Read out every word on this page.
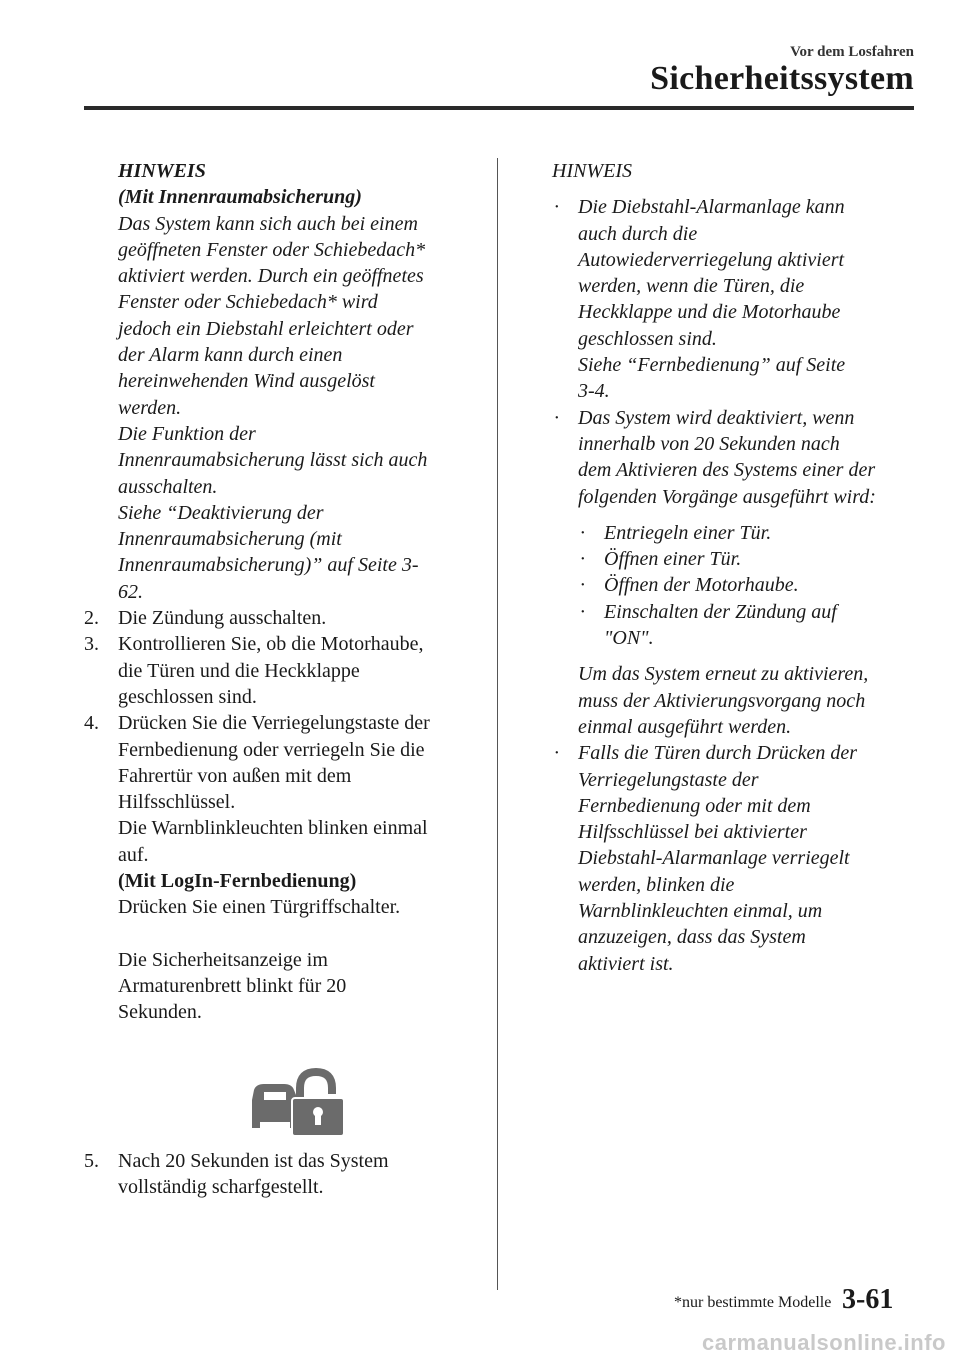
Vor dem Losfahren
Sicherheitssystem
HINWEIS
(Mit Innenraumabsicherung)
Das System kann sich auch bei einem
geöffneten Fenster oder Schiebedach* aktiviert werden. Durch ein geöffnetes
Fenster oder Schiebedach* wird
jedoch ein Diebstahl erleichtert oder
der Alarm kann durch einen
hereinwehenden Wind ausgelöst
werden.
Die Funktion der
Innenraumabsicherung lässt sich auch
ausschalten.
Siehe “Deaktivierung der
Innenraumabsicherung (mit
Innenraumabsicherung)” auf Seite 3-
62.
2. Die Zündung ausschalten.
3. Kontrollieren Sie, ob die Motorhaube,
die Türen und die Heckklappe
geschlossen sind.
4. Drücken Sie die Verriegelungstaste der
Fernbedienung oder verriegeln Sie die
Fahrertür von außen mit dem
Hilfsschlüssel.
Die Warnblinkleuchten blinken einmal
auf.
(Mit LogIn-Fernbedienung)
Drücken Sie einen Türgriffschalter.
Die Sicherheitsanzeige im
Armaturenbrett blinkt für 20
Sekunden.
5. Nach 20 Sekunden ist das System
vollständig scharfgestellt.
HINWEIS
· Die Diebstahl-Alarmanlage kann
auch durch die
Autowiederverriegelung aktiviert
werden, wenn die Türen, die
Heckklappe und die Motorhaube
geschlossen sind.
Siehe “Fernbedienung” auf Seite
3-4.
· Das System wird deaktiviert, wenn
innerhalb von 20 Sekunden nach
dem Aktivieren des Systems einer der
folgenden Vorgänge ausgeführt wird:
· Entriegeln einer Tür.
· Öffnen einer Tür.
· Öffnen der Motorhaube.
· Einschalten der Zündung auf
"ON".
Um das System erneut zu aktivieren,
muss der Aktivierungsvorgang noch
einmal ausgeführt werden.
· Falls die Türen durch Drücken der
Verriegelungstaste der
Fernbedienung oder mit dem
Hilfsschlüssel bei aktivierter
Diebstahl-Alarmanlage verriegelt
werden, blinken die
Warnblinkleuchten einmal, um
anzuzeigen, dass das System
aktiviert ist.
*nur bestimmte Modelle 3-61
carmanualsonline.info
